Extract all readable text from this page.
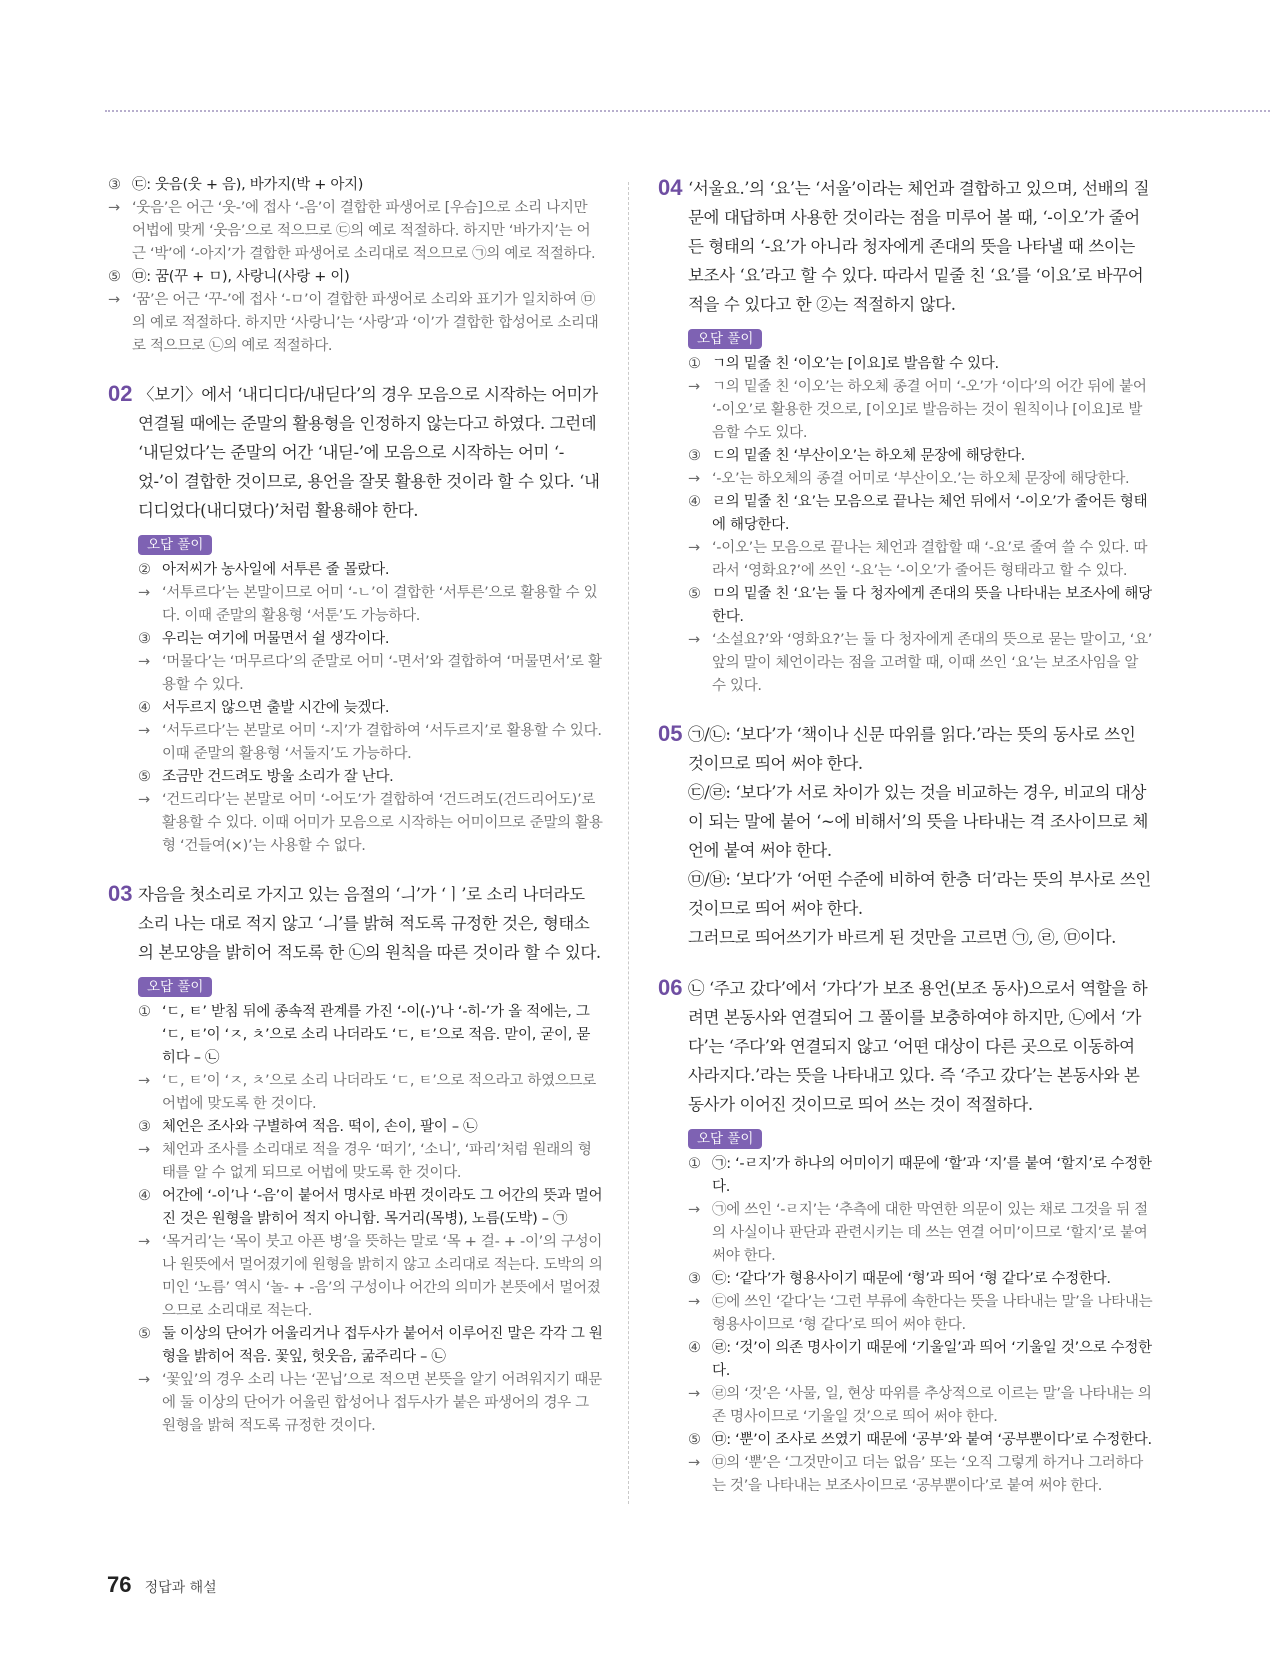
③ ㉢: 웃음(웃 + 음), 바가지(박 + 아지)
→ ‘웃음’은 어근 ‘웃-’에 접사 ‘-음’이 결합한 파생어로 [우슴]으로 소리 나지만 어법에 맞게 ‘웃음’으로 적으므로 ㉢의 예로 적절하다. 하지만 ‘바가지’는 어근 ‘박’에 ‘-아지’가 결합한 파생어로 소리대로 적으므로 ㉠의 예로 적절하다.
⑤ ㉤: 꿈(꾸 + ㅁ), 사랑니(사랑 + 이)
→ ‘꿈’은 어근 ‘꾸-’에 접사 ‘-ㅁ’이 결합한 파생어로 소리와 표기가 일치하여 ㉤의 예로 적절하다. 하지만 ‘사랑니’는 ‘사랑’과 ‘이’가 결합한 합성어로 소리대로 적으므로 ㉡의 예로 적절하다.
02 〈보기〉에서 ‘내디디다/내딛다’의 경우 모음으로 시작하는 어미가 연결될 때에는 준말의 활용형을 인정하지 않는다고 하였다. 그런데 ‘내딛었다’는 준말의 어간 ‘내딛-’에 모음으로 시작하는 어미 ‘-었-’이 결합한 것이므로, 용언을 잘못 활용한 것이라 할 수 있다. ‘내디디었다(내디뎠다)’처럼 활용해야 한다.
오답 풀이
② 아저씨가 농사일에 서투른 줄 몰랐다.
→ ‘서투르다’는 본말이므로 어미 ‘-ㄴ’이 결합한 ‘서투른’으로 활용할 수 있다. 이때 준말의 활용형 ‘서툰’도 가능하다.
③ 우리는 여기에 머물면서 쉴 생각이다.
→ ‘머물다’는 ‘머무르다’의 준말로 어미 ‘-면서’와 결합하여 ‘머물면서’로 활용할 수 있다.
④ 서두르지 않으면 출발 시간에 늦겠다.
→ ‘서두르다’는 본말로 어미 ‘-지’가 결합하여 ‘서두르지’로 활용할 수 있다. 이때 준말의 활용형 ‘서둘지’도 가능하다.
⑤ 조금만 건드려도 방울 소리가 잘 난다.
→ ‘건드리다’는 본말로 어미 ‘-어도’가 결합하여 ‘건드려도(건드리어도)’로 활용할 수 있다. 이때 어미가 모음으로 시작하는 어미이므로 준말의 활용형 ‘건들여(×)’는 사용할 수 없다.
03 자음을 첫소리로 가지고 있는 음절의 ‘ㅢ’가 ‘ㅣ’로 소리 나더라도 소리 나는 대로 적지 않고 ‘ㅢ’를 밝혀 적도록 규정한 것은, 형태소의 본모양을 밝히어 적도록 한 ㉡의 원칙을 따른 것이라 할 수 있다.
오답 풀이
① ‘ㄷ, ㅌ’ 받침 뒤에 종속적 관계를 가진 ‘-이(-)’나 ‘-히-’가 올 적에는, 그 ‘ㄷ, ㅌ’이 ‘ㅈ, ㅊ’으로 소리 나더라도 ‘ㄷ, ㅌ’으로 적음. 맏이, 굳이, 묻히다 – ㉡
→ ‘ㄷ, ㅌ’이 ‘ㅈ, ㅊ’으로 소리 나더라도 ‘ㄷ, ㅌ’으로 적으라고 하였으므로 어법에 맞도록 한 것이다.
③ 체언은 조사와 구별하여 적음. 떡이, 손이, 팔이 – ㉡
→ 체언과 조사를 소리대로 적을 경우 ‘떠기’, ‘소니’, ‘파리’처럼 원래의 형태를 알 수 없게 되므로 어법에 맞도록 한 것이다.
④ 어간에 ‘-이’나 ‘-음’이 붙어서 명사로 바뀐 것이라도 그 어간의 뜻과 멀어진 것은 원형을 밝히어 적지 아니함. 목거리(목병), 노름(도박) – ㉠
→ ‘목거리’는 ‘목이 붓고 아픈 병’을 뜻하는 말로 ‘목 + 걸- + -이’의 구성이나 원뜻에서 멀어졌기에 원형을 밝히지 않고 소리대로 적는다. 도박의 의미인 ‘노름’ 역시 ‘놀- + -음’의 구성이나 어간의 의미가 본뜻에서 멀어졌으므로 소리대로 적는다.
⑤ 둘 이상의 단어가 어울리거나 접두사가 붙어서 이루어진 말은 각각 그 원형을 밝히어 적음. 꽃잎, 헛웃음, 굶주리다 – ㉡
→ ‘꽃잎’의 경우 소리 나는 ‘꼰닙’으로 적으면 본뜻을 알기 어려워지기 때문에 둘 이상의 단어가 어울린 합성어나 접두사가 붙은 파생어의 경우 그 원형을 밝혀 적도록 규정한 것이다.
04 ‘서울요.’의 ‘요’는 ‘서울’이라는 체언과 결합하고 있으며, 선배의 질문에 대답하며 사용한 것이라는 점을 미루어 볼 때, ‘-이오’가 줄어든 형태의 ‘-요’가 아니라 청자에게 존대의 뜻을 나타낼 때 쓰이는 보조사 ‘요’라고 할 수 있다. 따라서 밑줄 친 ‘요’를 ‘이요’로 바꾸어 적을 수 있다고 한 ②는 적절하지 않다.
오답 풀이
① ㄱ의 밑줄 친 ‘이오’는 [이요]로 발음할 수 있다.
→ ㄱ의 밑줄 친 ‘이오’는 하오체 종결 어미 ‘-오’가 ‘이다’의 어간 뒤에 붙어 ‘-이오’로 활용한 것으로, [이오]로 발음하는 것이 원칙이나 [이요]로 발음할 수도 있다.
③ ㄷ의 밑줄 친 ‘부산이오’는 하오체 문장에 해당한다.
→ ‘-오’는 하오체의 종결 어미로 ‘부산이오.’는 하오체 문장에 해당한다.
④ ㄹ의 밑줄 친 ‘요’는 모음으로 끝나는 체언 뒤에서 ‘-이오’가 줄어든 형태에 해당한다.
→ ‘-이오’는 모음으로 끝나는 체언과 결합할 때 ‘-요’로 줄여 쓸 수 있다. 따라서 ‘영화요?’에 쓰인 ‘-요’는 ‘-이오’가 줄어든 형태라고 할 수 있다.
⑤ ㅁ의 밑줄 친 ‘요’는 둘 다 청자에게 존대의 뜻을 나타내는 보조사에 해당한다.
→ ‘소설요?’와 ‘영화요?’는 둘 다 청자에게 존대의 뜻으로 묻는 말이고, ‘요’ 앞의 말이 체언이라는 점을 고려할 때, 이때 쓰인 ‘요’는 보조사임을 알 수 있다.
05 ㉠/㉡: ‘보다’가 ‘책이나 신문 따위를 읽다.’라는 뜻의 동사로 쓰인 것이므로 띄어 써야 한다.

㉢/㉣: ‘보다’가 서로 차이가 있는 것을 비교하는 경우, 비교의 대상이 되는 말에 붙어 ‘~에 비해서’의 뜻을 나타내는 격 조사이므로 체언에 붙여 써야 한다.

㉤/㉥: ‘보다’가 ‘어떤 수준에 비하여 한층 더’라는 뜻의 부사로 쓰인 것이므로 띄어 써야 한다.

그러므로 띄어쓰기가 바르게 된 것만을 고르면 ㉠, ㉣, ㉤이다.

06 ㉡ ‘주고 갔다’에서 ‘가다’가 보조 용언(보조 동사)으로서 역할을 하려면 본동사와 연결되어 그 풀이를 보충하여야 하지만, ㉡에서 ‘가다’는 ‘주다’와 연결되지 않고 ‘어떤 대상이 다른 곳으로 이동하여 사라지다.’라는 뜻을 나타내고 있다. 즉 ‘주고 갔다’는 본동사와 본동사가 이어진 것이므로 띄어 쓰는 것이 적절하다.
오답 풀이
① ㉠: ‘-ㄹ지’가 하나의 어미이기 때문에 ‘할’과 ‘지’를 붙여 ‘할지’로 수정한다.
→ ㉠에 쓰인 ‘-ㄹ지’는 ‘추측에 대한 막연한 의문이 있는 채로 그것을 뒤 절의 사실이나 판단과 관련시키는 데 쓰는 연결 어미’이므로 ‘할지’로 붙여 써야 한다.
③ ㉢: ‘같다’가 형용사이기 때문에 ‘형’과 띄어 ‘형 같다’로 수정한다.
→ ㉢에 쓰인 ‘같다’는 ‘그런 부류에 속한다는 뜻을 나타내는 말’을 나타내는 형용사이므로 ‘형 같다’로 띄어 써야 한다.
④ ㉣: ‘것’이 의존 명사이기 때문에 ‘기울일’과 띄어 ‘기울일 것’으로 수정한다.
→ ㉣의 ‘것’은 ‘사물, 일, 현상 따위를 추상적으로 이르는 말’을 나타내는 의존 명사이므로 ‘기울일 것’으로 띄어 써야 한다.
⑤ ㉤: ‘뿐’이 조사로 쓰였기 때문에 ‘공부’와 붙여 ‘공부뿐이다’로 수정한다.
→ ㉤의 ‘뿐’은 ‘그것만이고 더는 없음’ 또는 ‘오직 그렇게 하거나 그러하다는 것’을 나타내는 보조사이므로 ‘공부뿐이다’로 붙여 써야 한다.
76 정답과 해설
